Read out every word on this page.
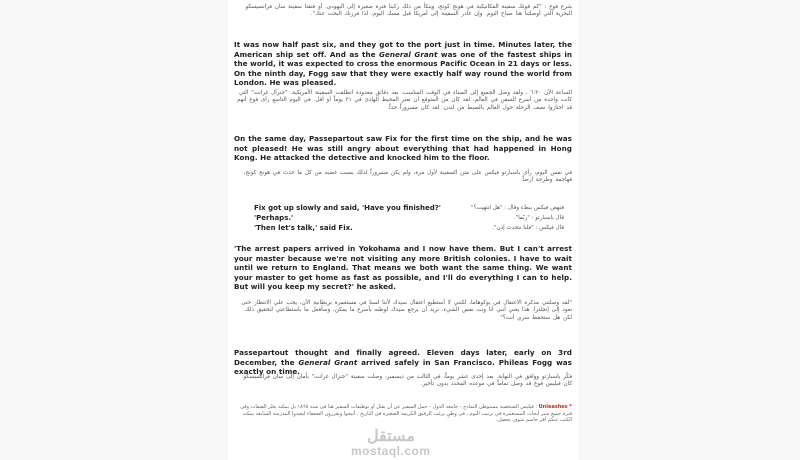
شرع فوغ : "كم قوتك سفينة المكانيكية في هونج كونج، وينكأ من ذلك زكبنا فترة صغيرة إلى اليهودي. أو فتقنا سفينة سان فرانسيسكو البحرية التي أوصلتنا هنا صباح اليوم. وإن غادر السفينة إلى أمريكا قبل مسك اليوم، لذا فرزنك البحث عنك".
It was now half past six, and they got to the port just in time. Minutes later, the American ship set off. And as the General Grant was one of the fastest ships in the world, it was expected to cross the enormous Pacific Ocean in 21 days or less. On the ninth day, Fogg saw that they were exactly half way round the world from London. He was pleased.
الساعة الآن ٦:٣٠ ، ولقد وصل الجميع إلى الميناء في الوقت المناسب. بعد دقائق معدودة انطلقت السفينة الأمريكية. "جنرال غرانت" التي كانت واحدة من أسرع السفن في العالم، لقد كان من المتوقع أن تعبر المحيط الهادئ في ٢١ يوماً أو أقل. في اليوم التاسع رأى فوغ أنهم قد اجتازوا نصف الرحلة حول العالم بالضبط من لندن. لقد كان مسروراً جداً.
On the same day, Passepartout saw Fix for the first time on the ship, and he was not pleased! He was still angry about everything that had happened in Hong Kong. He attacked the detective and knocked him to the floor.
في نفس اليوم، رأى باسبارتو فيكس على متن السفينة لأول مرة، ولم يكن مسروراً لذلك بسبب غضبه من كل ما حدث في هونج كونج، فهاجمة وطرحة أرضاً.
Fix got up slowly and said, 'Have you finished?'	فنهض فيكس ببطء وقال : "هل انتهيت؟"
'Perhaps.'	قال باسبارتو : "ربّما".
'Then let's talk,' said Fix.	قال فيكس : "فلنا نتحدث إذن".
'The arrest papers arrived in Yokohama and I now have them. But I can't arrest your master because we're not visiting any more British colonies. I have to wait until we return to England. That means we both want the same thing. We want your master to get home as fast as possible, and I'll do everything I can to help. But will you keep my secret?' he asked.
"لقد وصلتني مذكرة الاعتقال في يوكوهاما، لكنني لا أستطيع اعتقال سيدك لأننا لسنا في مستعمرة بريطانية الآن، يجب علي الانتظار حتى نعود إلى إنجلترا. هذا يعني أنني أنا ونت نفس الشيء، نريد أن يرجع سيدك لوطنه بأسرع ما يمكن، وسأفعل ما باستطاعتي لتحقيق ذلك. لكن هل ستحفظ سري أنت؟"
Passepartout thought and finally agreed. Eleven days later, early on 3rd December, the General Grant arrived safely in San Francisco. Phileas Fogg was exactly on time.
فكّر باسبارتو ووافق في النهاية. بعد إحدى عشر يوماً، في الثالث من ديسمبر، وصلت سفينة "جنرال غرانت" بأمان إلى سان فرانسيسكو. كان فيليس فوغ قد وصل تماماً في موعده المحدد بدون تأخير.
* Unleashes : فيليس الشخصية مستوطن النماذج - جامعة الدول - حمل السفير عن أن يقتل أو توظيفات السفير هنا في سنة ١٨٦٥ بل يمكنه يغيّر الصفات وفي فترة جميع سير أبحاث المستعمرة في ترتيب اليوم ، في وطنٍ يرغب الرقيق الكريمة الصغيرة في التاريخ ، أتيحوا ويقررون الضعفاء ليعيدوا المدرسة السابقة يمكنه الكتب عنكم أقر حاسم سوف يحصل.
مستقل
mostaql.com
